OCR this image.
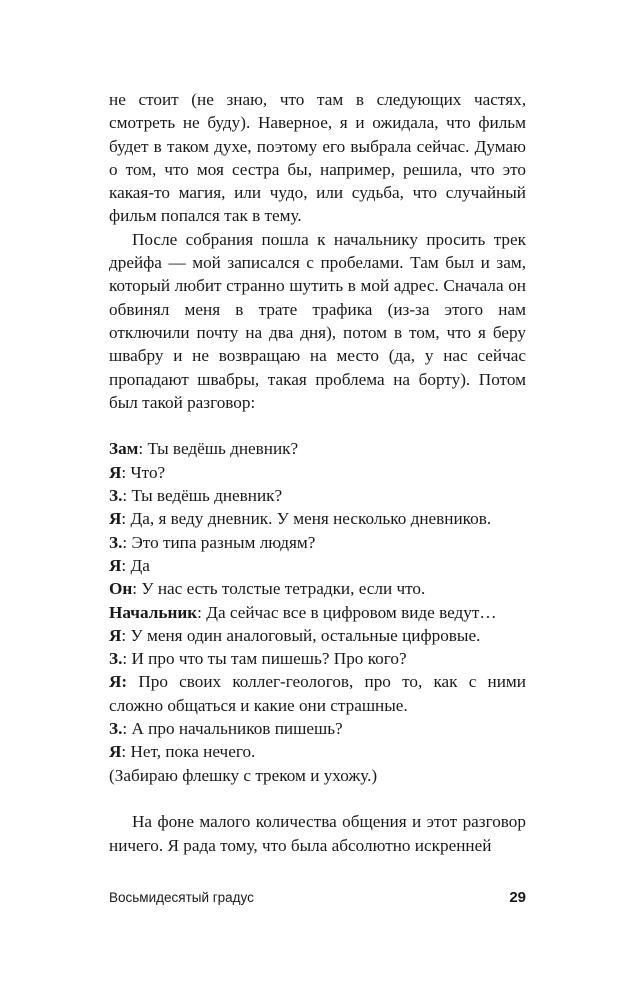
не стоит (не знаю, что там в следующих частях, смотреть не буду). Наверное, я и ожидала, что фильм будет в таком духе, поэтому его выбрала сейчас. Думаю о том, что моя сестра бы, например, решила, что это какая-то магия, или чудо, или судьба, что случайный фильм попался так в тему.

После собрания пошла к начальнику просить трек дрейфа — мой записался с пробелами. Там был и зам, который любит странно шутить в мой адрес. Сначала он обвинял меня в трате трафика (из-за этого нам отключили почту на два дня), потом в том, что я беру швабру и не возвращаю на место (да, у нас сейчас пропадают швабры, такая проблема на борту). Потом был такой разговор:

Зам: Ты ведёшь дневник?

Я: Что?

З.: Ты ведёшь дневник?

Я: Да, я веду дневник. У меня несколько дневников.

З.: Это типа разным людям?

Я: Да

Он: У нас есть толстые тетрадки, если что.

Начальник: Да сейчас все в цифровом виде ведут…

Я: У меня один аналоговый, остальные цифровые.

З.: И про что ты там пишешь? Про кого?

Я: Про своих коллег-геологов, про то, как с ними сложно общаться и какие они страшные.

З.: А про начальников пишешь?

Я: Нет, пока нечего.

(Забираю флешку с треком и ухожу.)

На фоне малого количества общения и этот разговор ничего. Я рада тому, что была абсолютно искренней

Восьмидесятый градус	29
